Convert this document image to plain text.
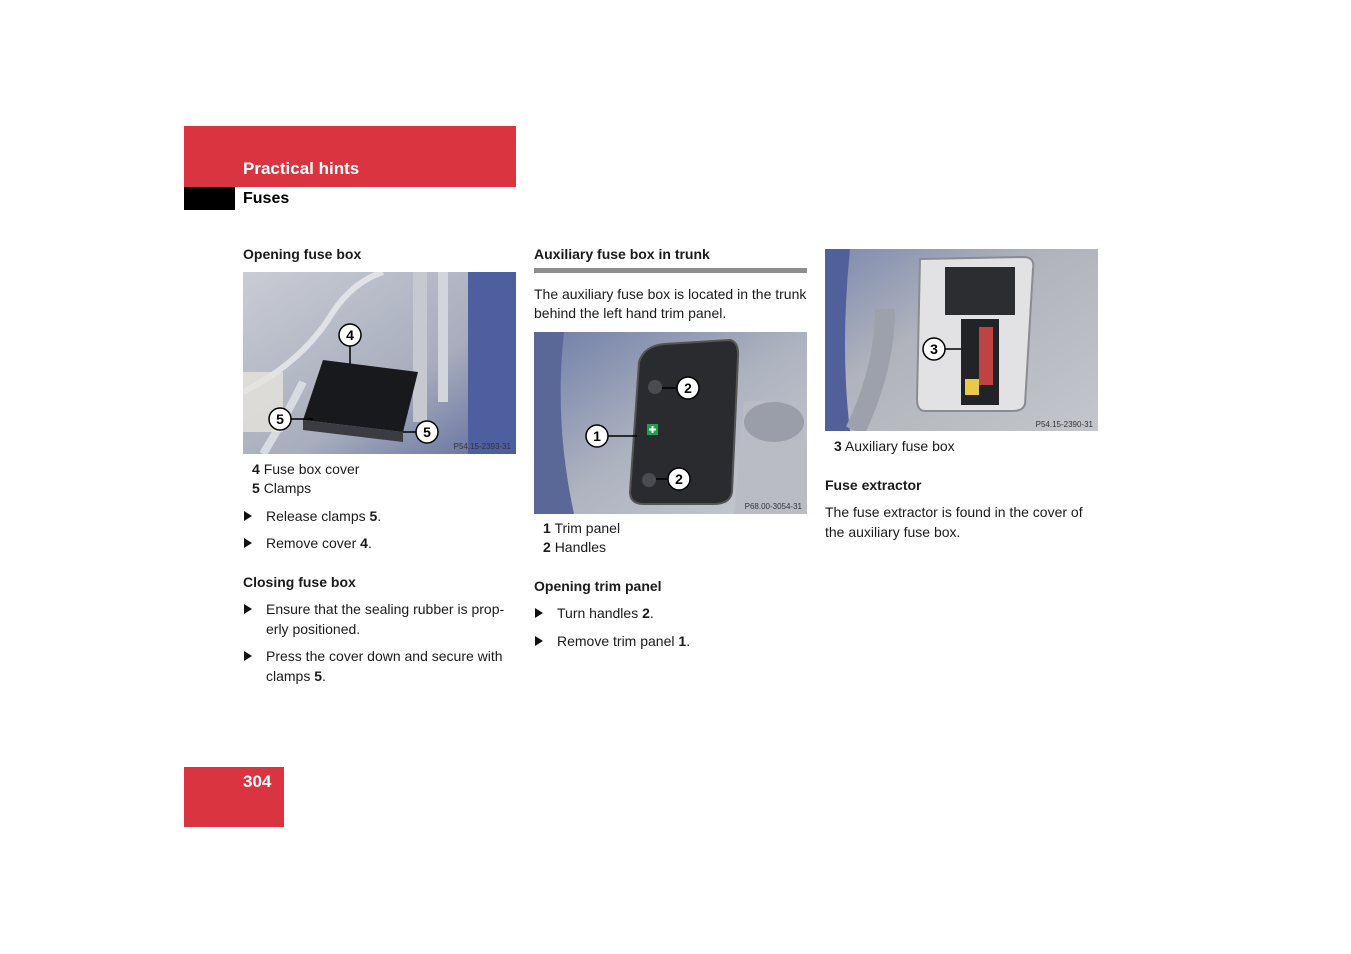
Practical hints
Fuses

Opening fuse box

4
5
5
P54.15-2393-31

4 Fuse box cover

5 Clamps

Release clamps 5.

Remove cover 4.

Closing fuse box

Ensure that the sealing rubber is prop-erly positioned.

Press the cover down and secure with clamps 5.

Auxiliary fuse box in trunk

The auxiliary fuse box is located in the trunk behind the left hand trim panel.

2
1
2
P68.00-3054-31

1 Trim panel

2 Handles

Opening trim panel

Turn handles 2.

Remove trim panel 1.

3
P54.15-2390-31

3 Auxiliary fuse box

Fuse extractor

The fuse extractor is found in the cover of the auxiliary fuse box.

304
